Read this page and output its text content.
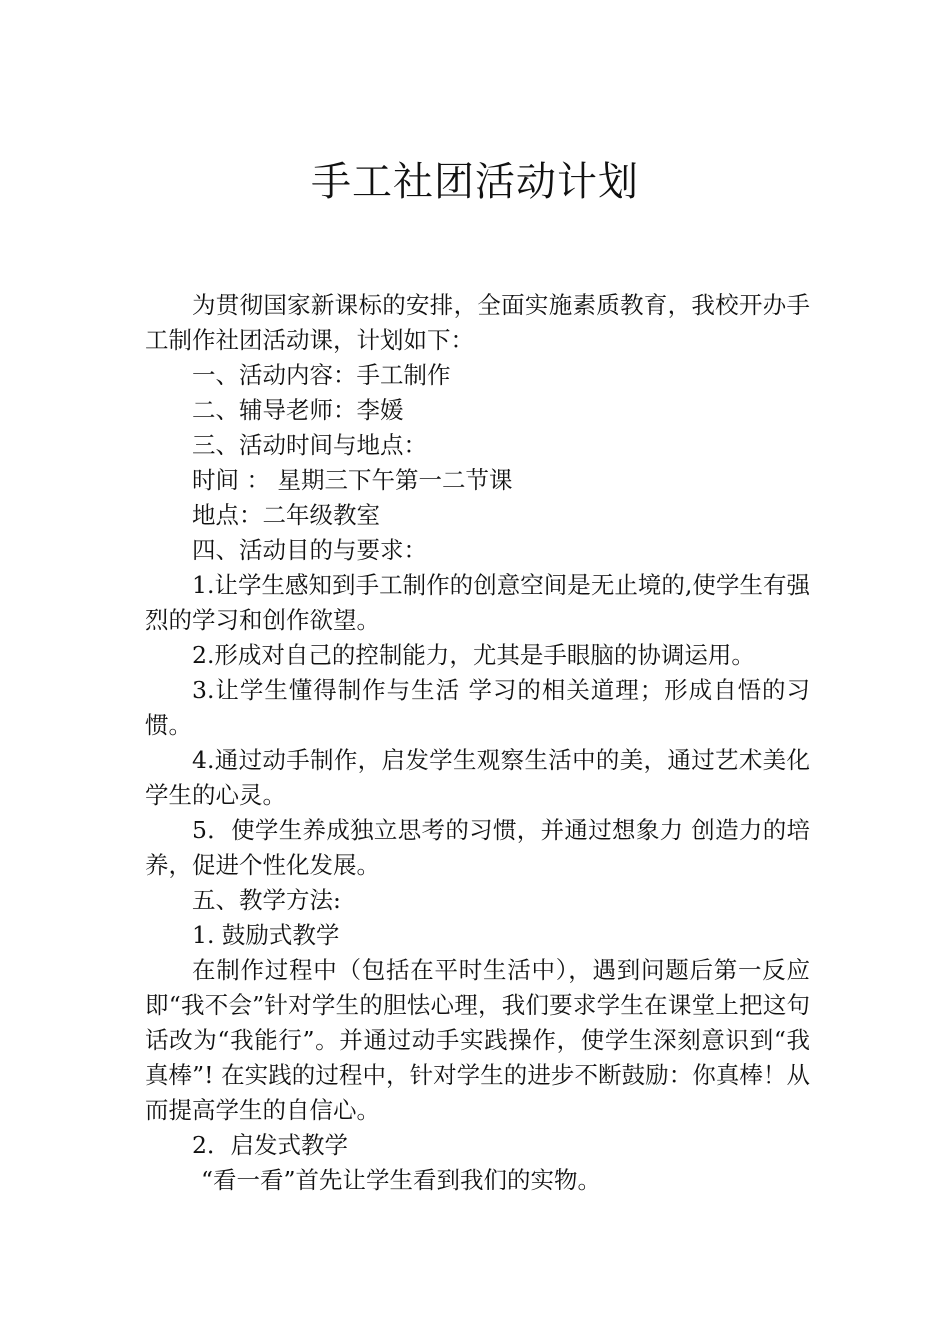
手工社团活动计划

为贯彻国家新课标的安排，全面实施素质教育，我校开办手工制作社团活动课，计划如下：

一、活动内容：手工制作

二、辅导老师：李媛

三、活动时间与地点：

时间 ： 星期三下午第一二节课

地点：二年级教室

四、活动目的与要求：

1.让学生感知到手工制作的创意空间是无止境的,使学生有强烈的学习和创作欲望。

2.形成对自己的控制能力，尤其是手眼脑的协调运用。

3.让学生懂得制作与生活 学习的相关道理；形成自悟的习惯。

4.通过动手制作，启发学生观察生活中的美，通过艺术美化学生的心灵。

5．使学生养成独立思考的习惯，并通过想象力 创造力的培养，促进个性化发展。

五、教学方法:

1. 鼓励式教学

在制作过程中（包括在平时生活中），遇到问题后第一反应即“我不会”针对学生的胆怯心理，我们要求学生在课堂上把这句话改为“我能行”。并通过动手实践操作，使学生深刻意识到“我真棒”! 在实践的过程中，针对学生的进步不断鼓励：你真棒！从而提高学生的自信心。

2．启发式教学

“看一看”首先让学生看到我们的实物。
